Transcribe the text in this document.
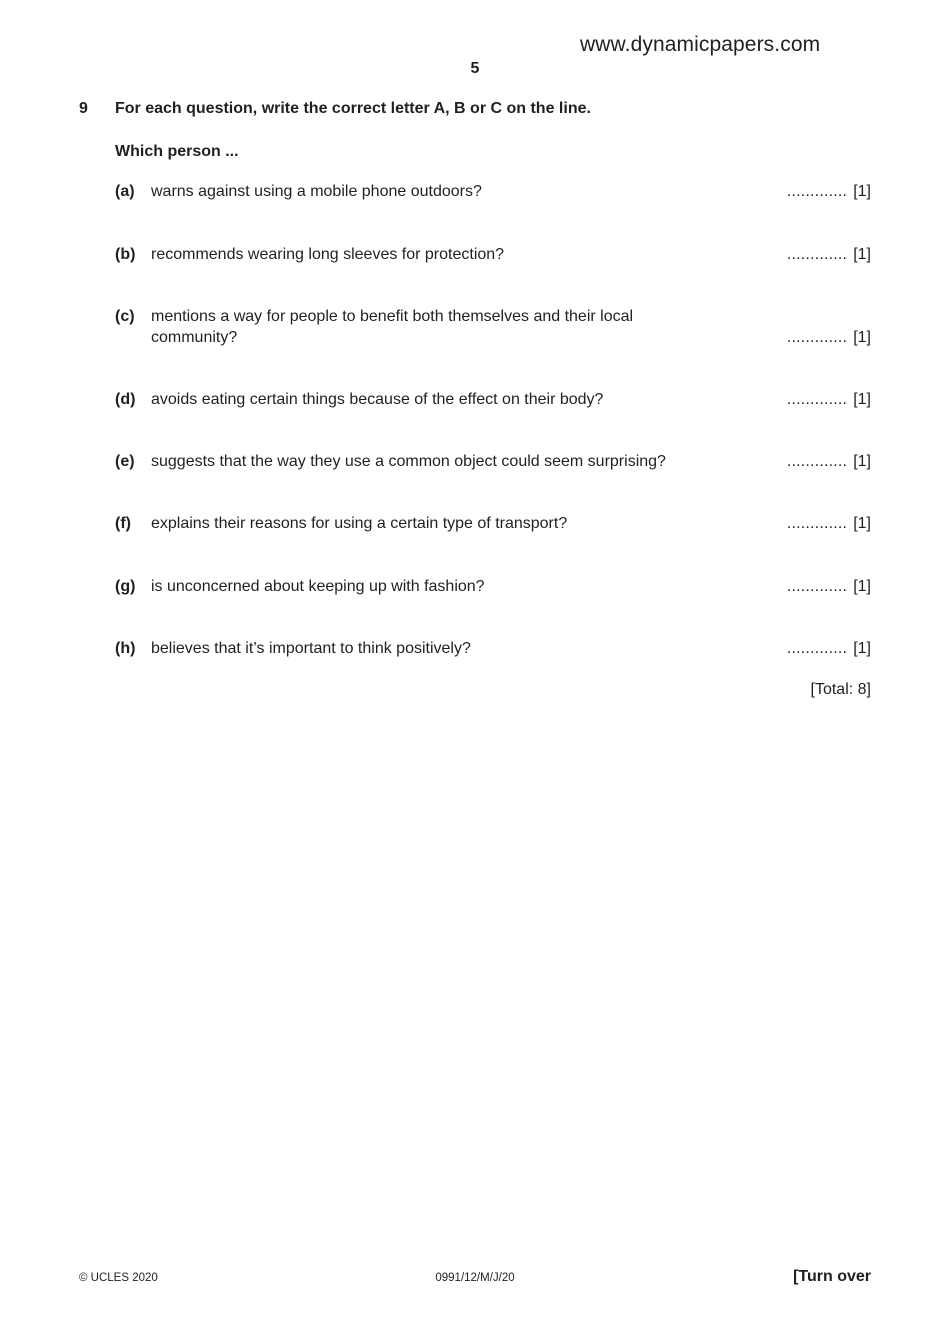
www.dynamicpapers.com
5
9 For each question, write the correct letter A, B or C on the line.
Which person ...
(a) warns against using a mobile phone outdoors?	............. [1]
(b) recommends wearing long sleeves for protection?	............. [1]
(c) mentions a way for people to benefit both themselves and their local community?	............. [1]
(d) avoids eating certain things because of the effect on their body?	............. [1]
(e) suggests that the way they use a common object could seem surprising?	............. [1]
(f) explains their reasons for using a certain type of transport?	............. [1]
(g) is unconcerned about keeping up with fashion?	............. [1]
(h) believes that it’s important to think positively?	............. [1]
[Total: 8]
© UCLES 2020	0991/12/M/J/20	[Turn over
